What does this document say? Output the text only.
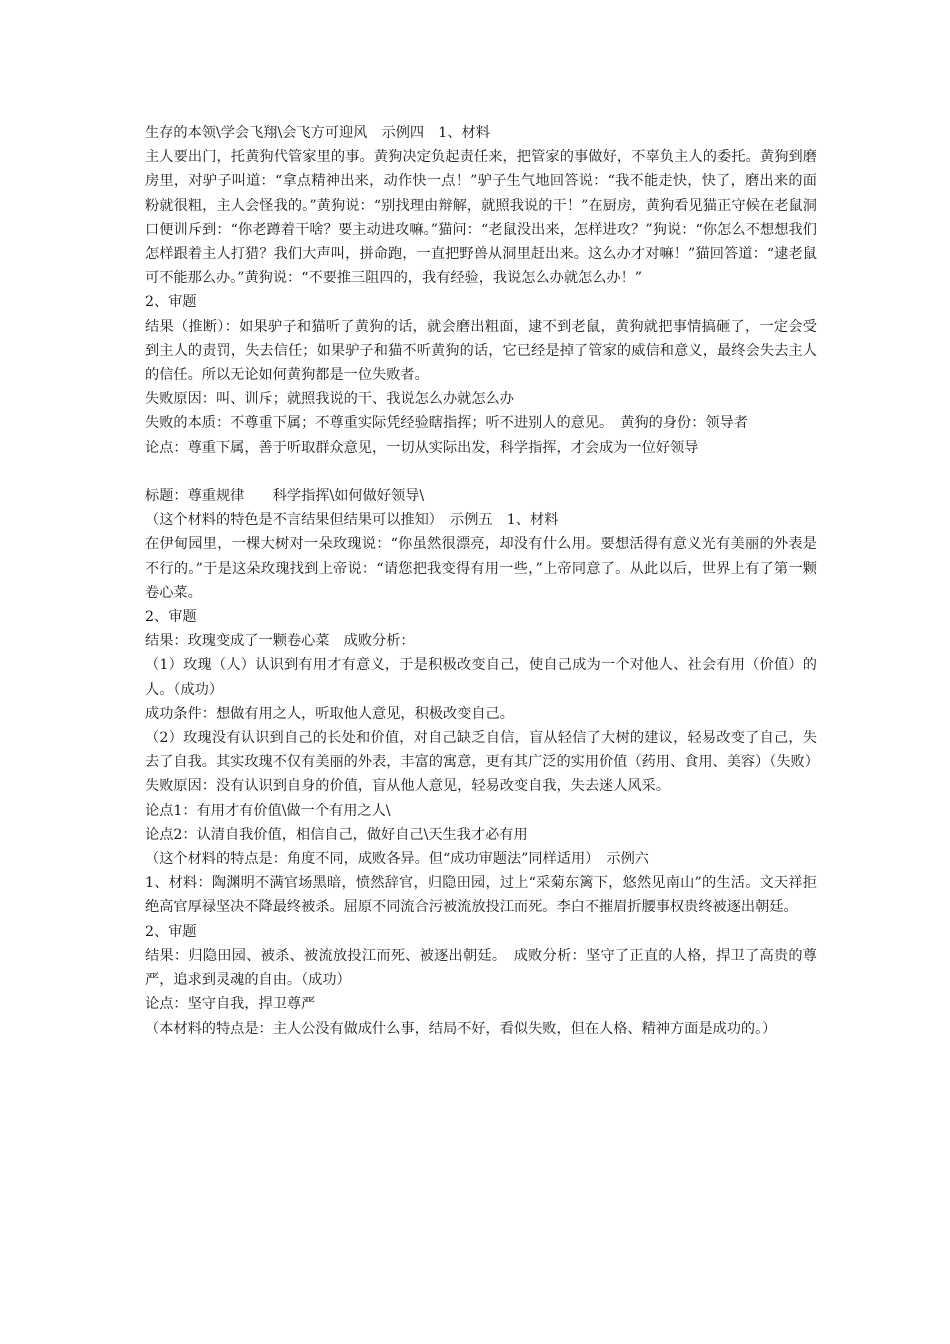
生存的本领\学会飞翔\会飞方可迎风　示例四　1、材料
主人要出门，托黄狗代管家里的事。黄狗决定负起责任来，把管家的事做好，不辜负主人的委托。黄狗到磨房里，对驴子叫道：“拿点精神出来，动作快一点！”驴子生气地回答说：“我不能走快，快了，磨出来的面粉就很粗，主人会怪我的。”黄狗说：“别找理由辩解，就照我说的干！”在厨房，黄狗看见猫正守候在老鼠洞口便训斥到：“你老蹲着干啥？要主动进攻嘛。”猫问：“老鼠没出来，怎样进攻？”狗说：“你怎么不想想我们怎样跟着主人打猎？我们大声叫，拼命跑，一直把野兽从洞里赶出来。这么办才对嘛！”猫回答道：“逮老鼠可不能那么办。”黄狗说：“不要推三阻四的，我有经验，我说怎么办就怎么办！”
2、审题
结果（推断）：如果驴子和猫听了黄狗的话，就会磨出粗面，逮不到老鼠，黄狗就把事情搞砸了，一定会受到主人的责罚，失去信任；如果驴子和猫不听黄狗的话，它已经是掉了管家的威信和意义，最终会失去主人的信任。所以无论如何黄狗都是一位失败者。
失败原因：叫、训斥；就照我说的干、我说怎么办就怎么办
失败的本质：不尊重下属；不尊重实际凭经验瞎指挥；听不进别人的意见。　黄狗的身份：领导者
论点：尊重下属，善于听取群众意见，一切从实际出发，科学指挥，才会成为一位好领导
标题：尊重规律　　科学指挥\如何做好领导\
（这个材料的特色是不言结果但结果可以推知）　示例五　1、材料
在伊甸园里，一棵大树对一朵玫瑰说：“你虽然很漂亮，却没有什么用。要想活得有意义光有美丽的外表是不行的。”于是这朵玫瑰找到上帝说：“请您把我变得有用一些，”上帝同意了。从此以后，世界上有了第一颗卷心菜。
2、审题
结果：玫瑰变成了一颗卷心菜　成败分析：
（1）玫瑰（人）认识到有用才有意义，于是积极改变自己，使自己成为一个对他人、社会有用（价值）的人。（成功）
成功条件：想做有用之人，听取他人意见，积极改变自己。
（2）玫瑰没有认识到自己的长处和价值，对自己缺乏自信，盲从轻信了大树的建议，轻易改变了自己，失去了自我。其实玫瑰不仅有美丽的外表，丰富的寓意，更有其广泛的实用价值（药用、食用、美容）（失败）
失败原因：没有认识到自身的价值，盲从他人意见，轻易改变自我，失去迷人风采。
论点1：有用才有价值\做一个有用之人\
论点2：认清自我价值，相信自己，做好自己\天生我才必有用
（这个材料的特点是：角度不同，成败各异。但“成功审题法”同样适用）　示例六
1、材料：陶渊明不满官场黑暗，愤然辞官，归隐田园，过上“采菊东篱下，悠然见南山”的生活。文天祥拒绝高官厚禄坚决不降最终被杀。屈原不同流合污被流放投江而死。李白不摧眉折腰事权贵终被逐出朝廷。
2、审题
结果：归隐田园、被杀、被流放投江而死、被逐出朝廷。　成败分析：坚守了正直的人格，捍卫了高贵的尊严，追求到灵魂的自由。（成功）
论点：坚守自我，捍卫尊严
（本材料的特点是：主人公没有做成什么事，结局不好，看似失败，但在人格、精神方面是成功的。）
